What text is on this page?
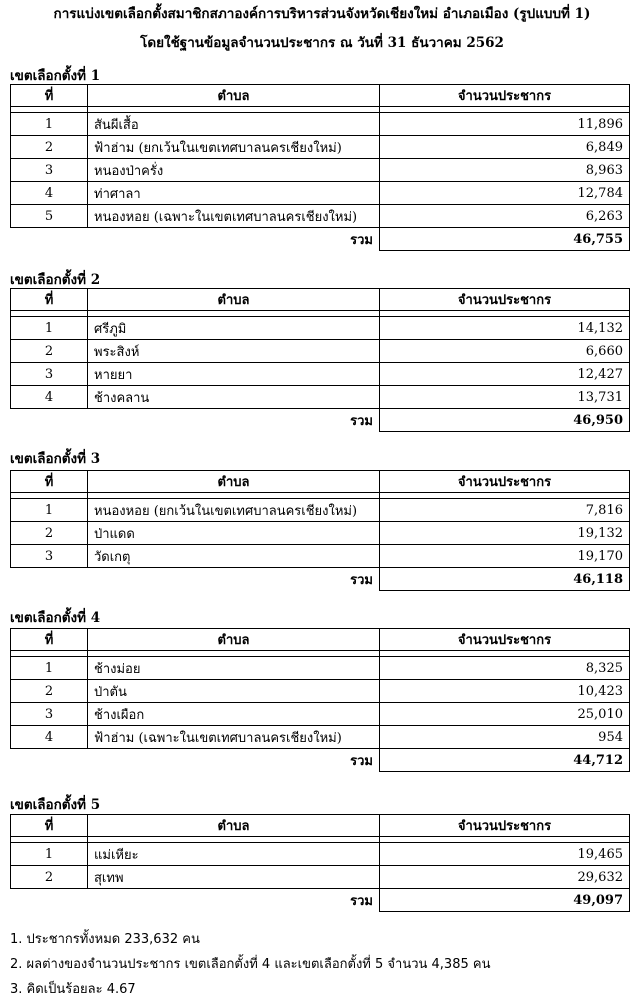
การแบ่งเขตเลือกตั้งสมาชิกสภาองค์การบริหารส่วนจังหวัดเชียงใหม่ อำเภอเมือง (รูปแบบที่ 1)
โดยใช้ฐานข้อมูลจำนวนประชากร ณ วันที่ 31 ธันวาคม 2562
เขตเลือกตั้งที่ 1
ที่	ตำบล	จำนวนประชากร

1	สันผีเสื้อ	11,896
2	ฟ้าฮ่าม (ยกเว้นในเขตเทศบาลนครเชียงใหม่)	6,849
3	หนองป่าครั่ง	8,963
4	ท่าศาลา	12,784
5	หนองหอย (เฉพาะในเขตเทศบาลนครเชียงใหม่)	6,263
	รวม	46,755
เขตเลือกตั้งที่ 2
ที่	ตำบล	จำนวนประชากร

1	ศรีภูมิ	14,132
2	พระสิงห์	6,660
3	หายยา	12,427
4	ช้างคลาน	13,731
	รวม	46,950
เขตเลือกตั้งที่ 3
ที่	ตำบล	จำนวนประชากร

1	หนองหอย (ยกเว้นในเขตเทศบาลนครเชียงใหม่)	7,816
2	ป่าแดด	19,132
3	วัดเกตุ	19,170
	รวม	46,118
เขตเลือกตั้งที่ 4
ที่	ตำบล	จำนวนประชากร

1	ช้างม่อย	8,325
2	ป่าตัน	10,423
3	ช้างเผือก	25,010
4	ฟ้าฮ่าม (เฉพาะในเขตเทศบาลนครเชียงใหม่)	954
	รวม	44,712
เขตเลือกตั้งที่ 5
ที่	ตำบล	จำนวนประชากร

1	แม่เหียะ	19,465
2	สุเทพ	29,632
	รวม	49,097
1. ประชากรทั้งหมด 233,632 คน
2. ผลต่างของจำนวนประชากร เขตเลือกตั้งที่ 4 และเขตเลือกตั้งที่ 5 จำนวน 4,385 คน
3. คิดเป็นร้อยละ 4.67
